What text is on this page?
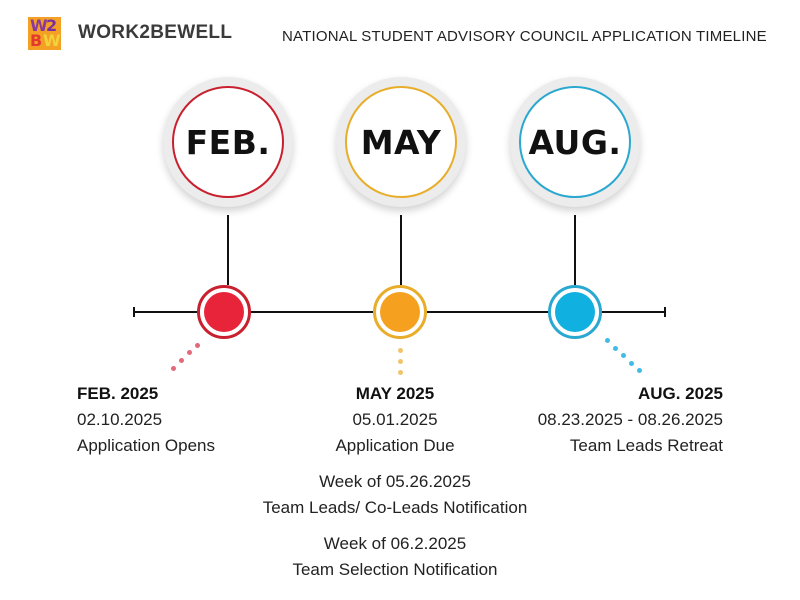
W
2
B W WORK2BEWELL	NATIONAL STUDENT ADVISORY COUNCIL APPLICATION TIMELINE
FEB.	MAY	AUG.
FEB. 2025
02.10.2025
Application Opens
MAY 2025
05.01.2025
Application Due
Week of 05.26.2025
Team Leads/ Co-Leads Notification
Week of 06.2.2025
Team Selection Notification
AUG. 2025
08.23.2025 - 08.26.2025
Team Leads Retreat
